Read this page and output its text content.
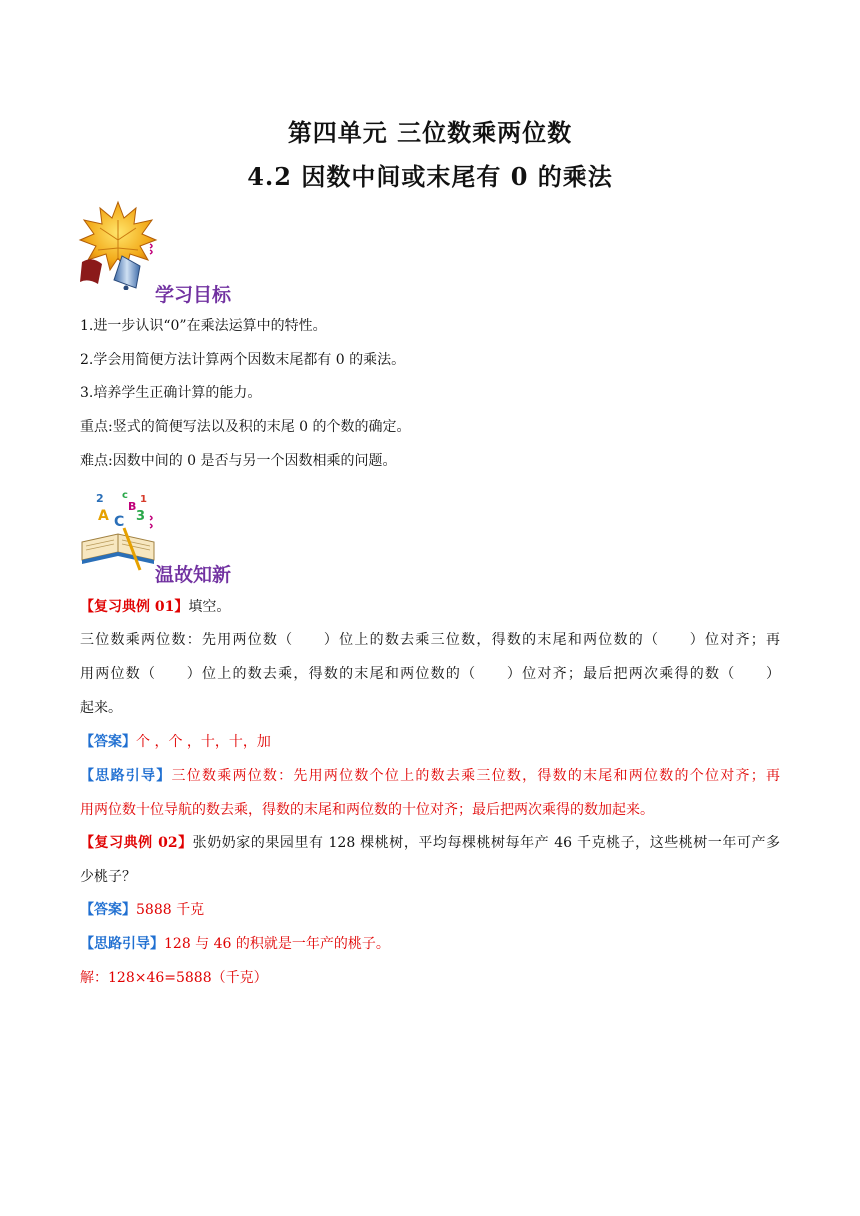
第四单元 三位数乘两位数
4.2 因数中间或末尾有 0 的乘法
学习目标
1.进一步认识“0”在乘法运算中的特性。
2.学会用简便方法计算两个因数末尾都有 0 的乘法。
3.培养学生正确计算的能力。
重点:竖式的简便写法以及积的末尾 0 的个数的确定。
难点:因数中间的 0 是否与另一个因数相乘的问题。
2 c 1
A C 3
B
温故知新
【复习典例 01】填空。
三位数乘两位数：先用两位数（　　）位上的数去乘三位数，得数的末尾和两位数的（　　）位对齐；再
用两位数（　　）位上的数去乘，得数的末尾和两位数的（　　）位对齐；最后把两次乘得的数（　　）
起来。
【答案】个 ，个 ，十，十，加
【思路引导】三位数乘两位数：先用两位数个位上的数去乘三位数，得数的末尾和两位数的个位对齐；再
用两位数十位导航的数去乘，得数的末尾和两位数的十位对齐；最后把两次乘得的数加起来。
【复习典例 02】张奶奶家的果园里有 128 棵桃树，平均每棵桃树每年产 46 千克桃子，这些桃树一年可产多
少桃子？
【答案】5888 千克
【思路引导】128 与 46 的积就是一年产的桃子。
解：128×46=5888（千克）
